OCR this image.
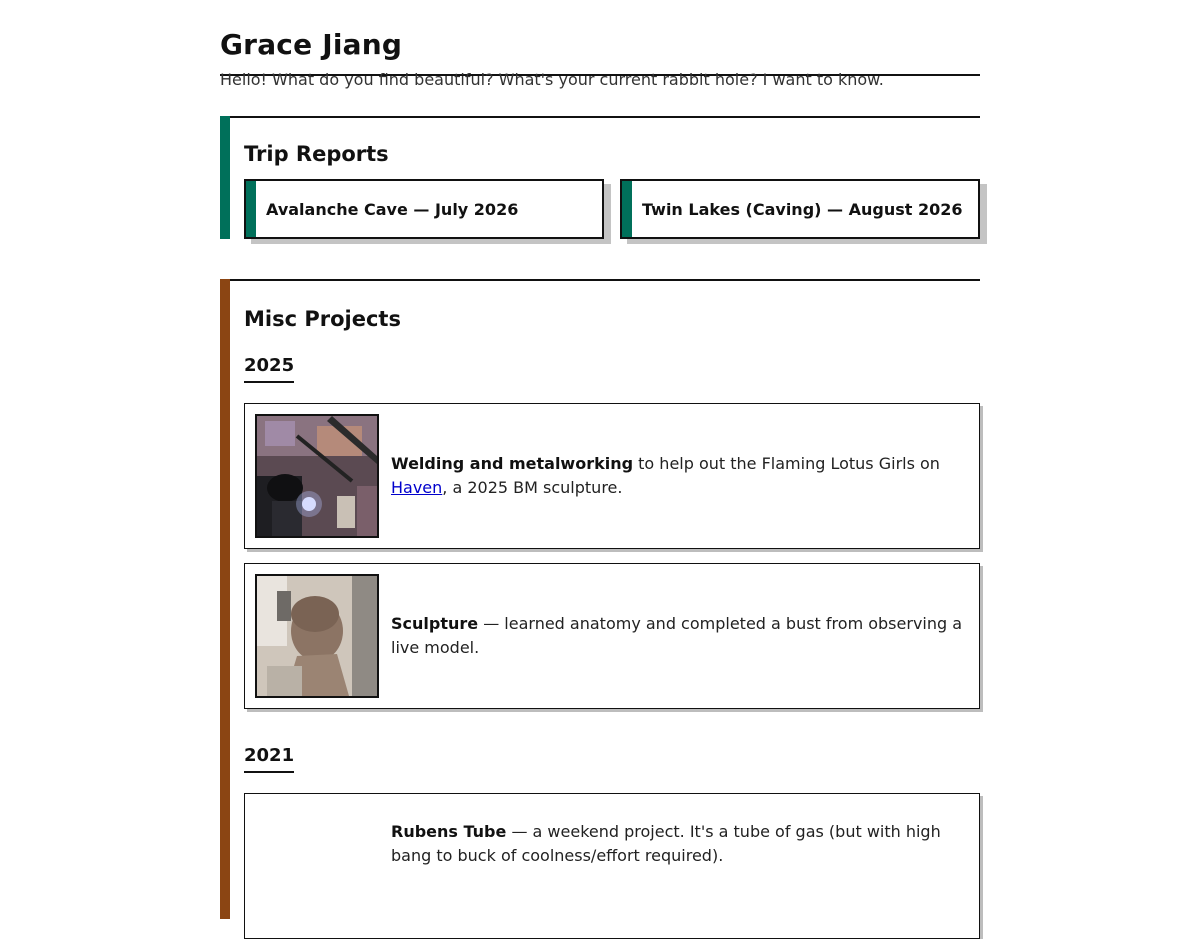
Grace Jiang

Hello! What do you find beautiful? What's your current rabbit hole? I want to know.

Trip Reports
Avalanche Cave — July 2026	Twin Lakes (Caving) — August 2026
Misc Projects
2025

Welding and metalworking to help out the Flaming Lotus Girls on Haven, a 2025 BM sculpture.

Sculpture — learned anatomy and completed a bust from observing a live model.

2021

Rubens Tube — a weekend project. It's a tube of gas (but with high bang to buck of coolness/effort required).
